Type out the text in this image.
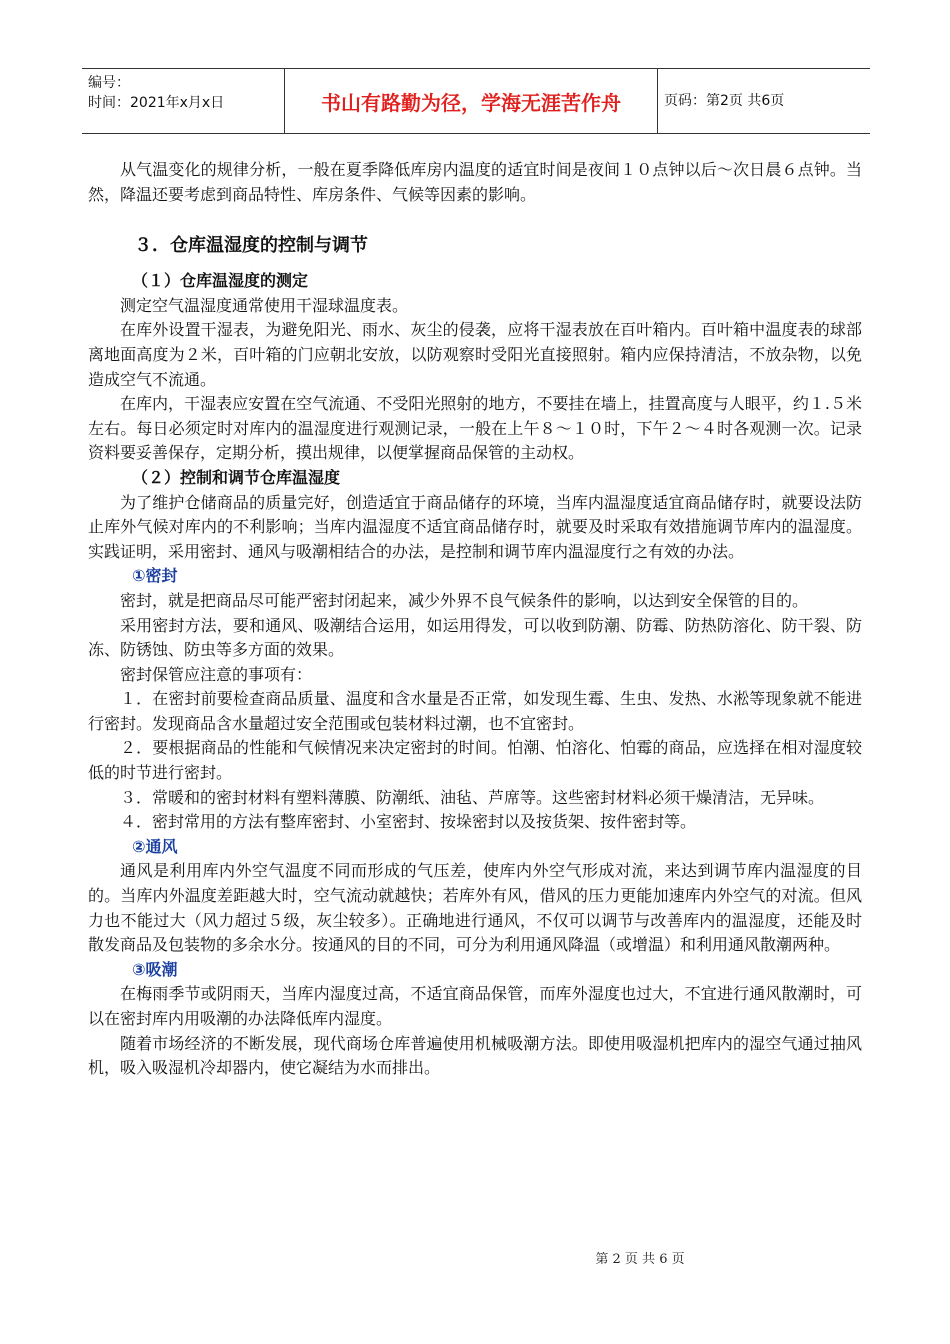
编号：
时间：2021年x月x日	书山有路勤为径，学海无涯苦作舟	页码：第2页 共6页

从气温变化的规律分析，一般在夏季降低库房内温度的适宜时间是夜间１０点钟以后～次日晨６点钟。当然，降温还要考虑到商品特性、库房条件、气候等因素的影响。

３．仓库温湿度的控制与调节
（１）仓库温湿度的测定

测定空气温湿度通常使用干湿球温度表。

在库外设置干湿表，为避免阳光、雨水、灰尘的侵袭，应将干湿表放在百叶箱内。百叶箱中温度表的球部离地面高度为２米，百叶箱的门应朝北安放，以防观察时受阳光直接照射。箱内应保持清洁，不放杂物，以免造成空气不流通。

在库内，干湿表应安置在空气流通、不受阳光照射的地方，不要挂在墙上，挂置高度与人眼平，约１.５米左右。每日必须定时对库内的温湿度进行观测记录，一般在上午８～１０时，下午２～４时各观测一次。记录资料要妥善保存，定期分析，摸出规律，以便掌握商品保管的主动权。

（２）控制和调节仓库温湿度

为了维护仓储商品的质量完好，创造适宜于商品储存的环境，当库内温湿度适宜商品储存时，就要设法防止库外气候对库内的不利影响；当库内温湿度不适宜商品储存时，就要及时采取有效措施调节库内的温湿度。实践证明，采用密封、通风与吸潮相结合的办法，是控制和调节库内温湿度行之有效的办法。

①密封

密封，就是把商品尽可能严密封闭起来，减少外界不良气候条件的影响，以达到安全保管的目的。

采用密封方法，要和通风、吸潮结合运用，如运用得发，可以收到防潮、防霉、防热防溶化、防干裂、防冻、防锈蚀、防虫等多方面的效果。

密封保管应注意的事项有：

１．在密封前要检查商品质量、温度和含水量是否正常，如发现生霉、生虫、发热、水淞等现象就不能进行密封。发现商品含水量超过安全范围或包装材料过潮，也不宜密封。

２．要根据商品的性能和气候情况来决定密封的时间。怕潮、怕溶化、怕霉的商品，应选择在相对湿度较低的时节进行密封。

３．常暖和的密封材料有塑料薄膜、防潮纸、油毡、芦席等。这些密封材料必须干燥清洁，无异味。

４．密封常用的方法有整库密封、小室密封、按垛密封以及按货架、按件密封等。

②通风

通风是利用库内外空气温度不同而形成的气压差，使库内外空气形成对流，来达到调节库内温湿度的目的。当库内外温度差距越大时，空气流动就越快；若库外有风，借风的压力更能加速库内外空气的对流。但风力也不能过大（风力超过５级，灰尘较多）。正确地进行通风，不仅可以调节与改善库内的温湿度，还能及时散发商品及包装物的多余水分。按通风的目的不同，可分为利用通风降温（或增温）和利用通风散潮两种。

③吸潮

在梅雨季节或阴雨天，当库内湿度过高，不适宜商品保管，而库外湿度也过大，不宜进行通风散潮时，可以在密封库内用吸潮的办法降低库内湿度。

随着市场经济的不断发展，现代商场仓库普遍使用机械吸潮方法。即使用吸湿机把库内的湿空气通过抽风机，吸入吸湿机冷却器内，使它凝结为水而排出。

第 2 页 共 6 页
